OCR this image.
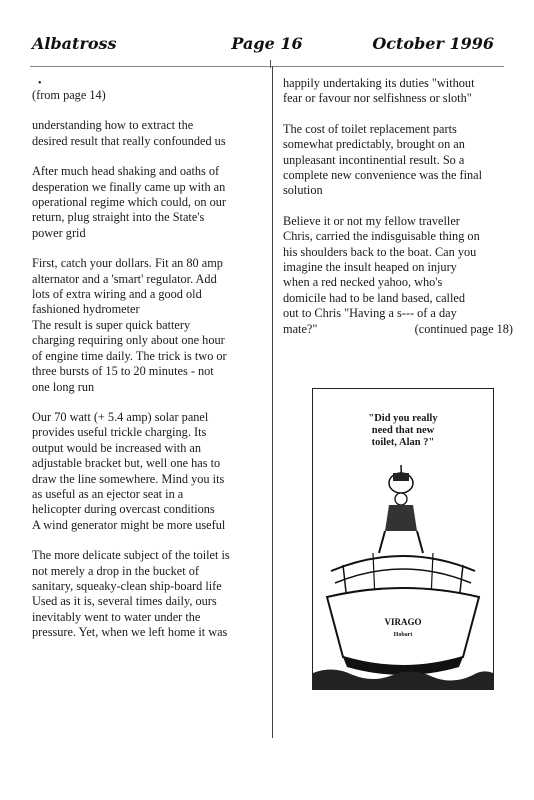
Albatross	Page 16	October 1996
•

(from page 14)

understanding how to extract the
desired result that really confounded us

After much head shaking and oaths of
desperation we finally came up with an
operational regime which could, on our
return, plug straight into the State's
power grid

First, catch your dollars. Fit an 80 amp
alternator and a 'smart' regulator. Add
lots of extra wiring and a good old
fashioned hydrometer
The result is super quick battery
charging requiring only about one hour
of engine time daily. The trick is two or
three bursts of 15 to 20 minutes - not
one long run

Our 70 watt (+ 5.4 amp) solar panel
provides useful trickle charging. Its
output would be increased with an
adjustable bracket but, well one has to
draw the line somewhere. Mind you its
as useful as an ejector seat in a
helicopter during overcast conditions
A wind generator might be more useful

The more delicate subject of the toilet is
not merely a drop in the bucket of
sanitary, squeaky-clean ship-board life
Used as it is, several times daily, ours
inevitably went to water under the
pressure. Yet, when we left home it was

happily undertaking its duties "without
fear or favour nor selfishness or sloth"

The cost of toilet replacement parts
somewhat predictably, brought on an
unpleasant incontinential result. So a
complete new convenience was the final
solution

Believe it or not my fellow traveller
Chris, carried the indisguisable thing on
his shoulders back to the boat. Can you
imagine the insult heaped on injury
when a red necked yahoo, who's
domicile had to be land based, called
out to Chris "Having a s--- of a day
mate?"	(continued page 18)
"Did you really
need that new
toilet, Alan ?"
VIRAGO
Hobart
